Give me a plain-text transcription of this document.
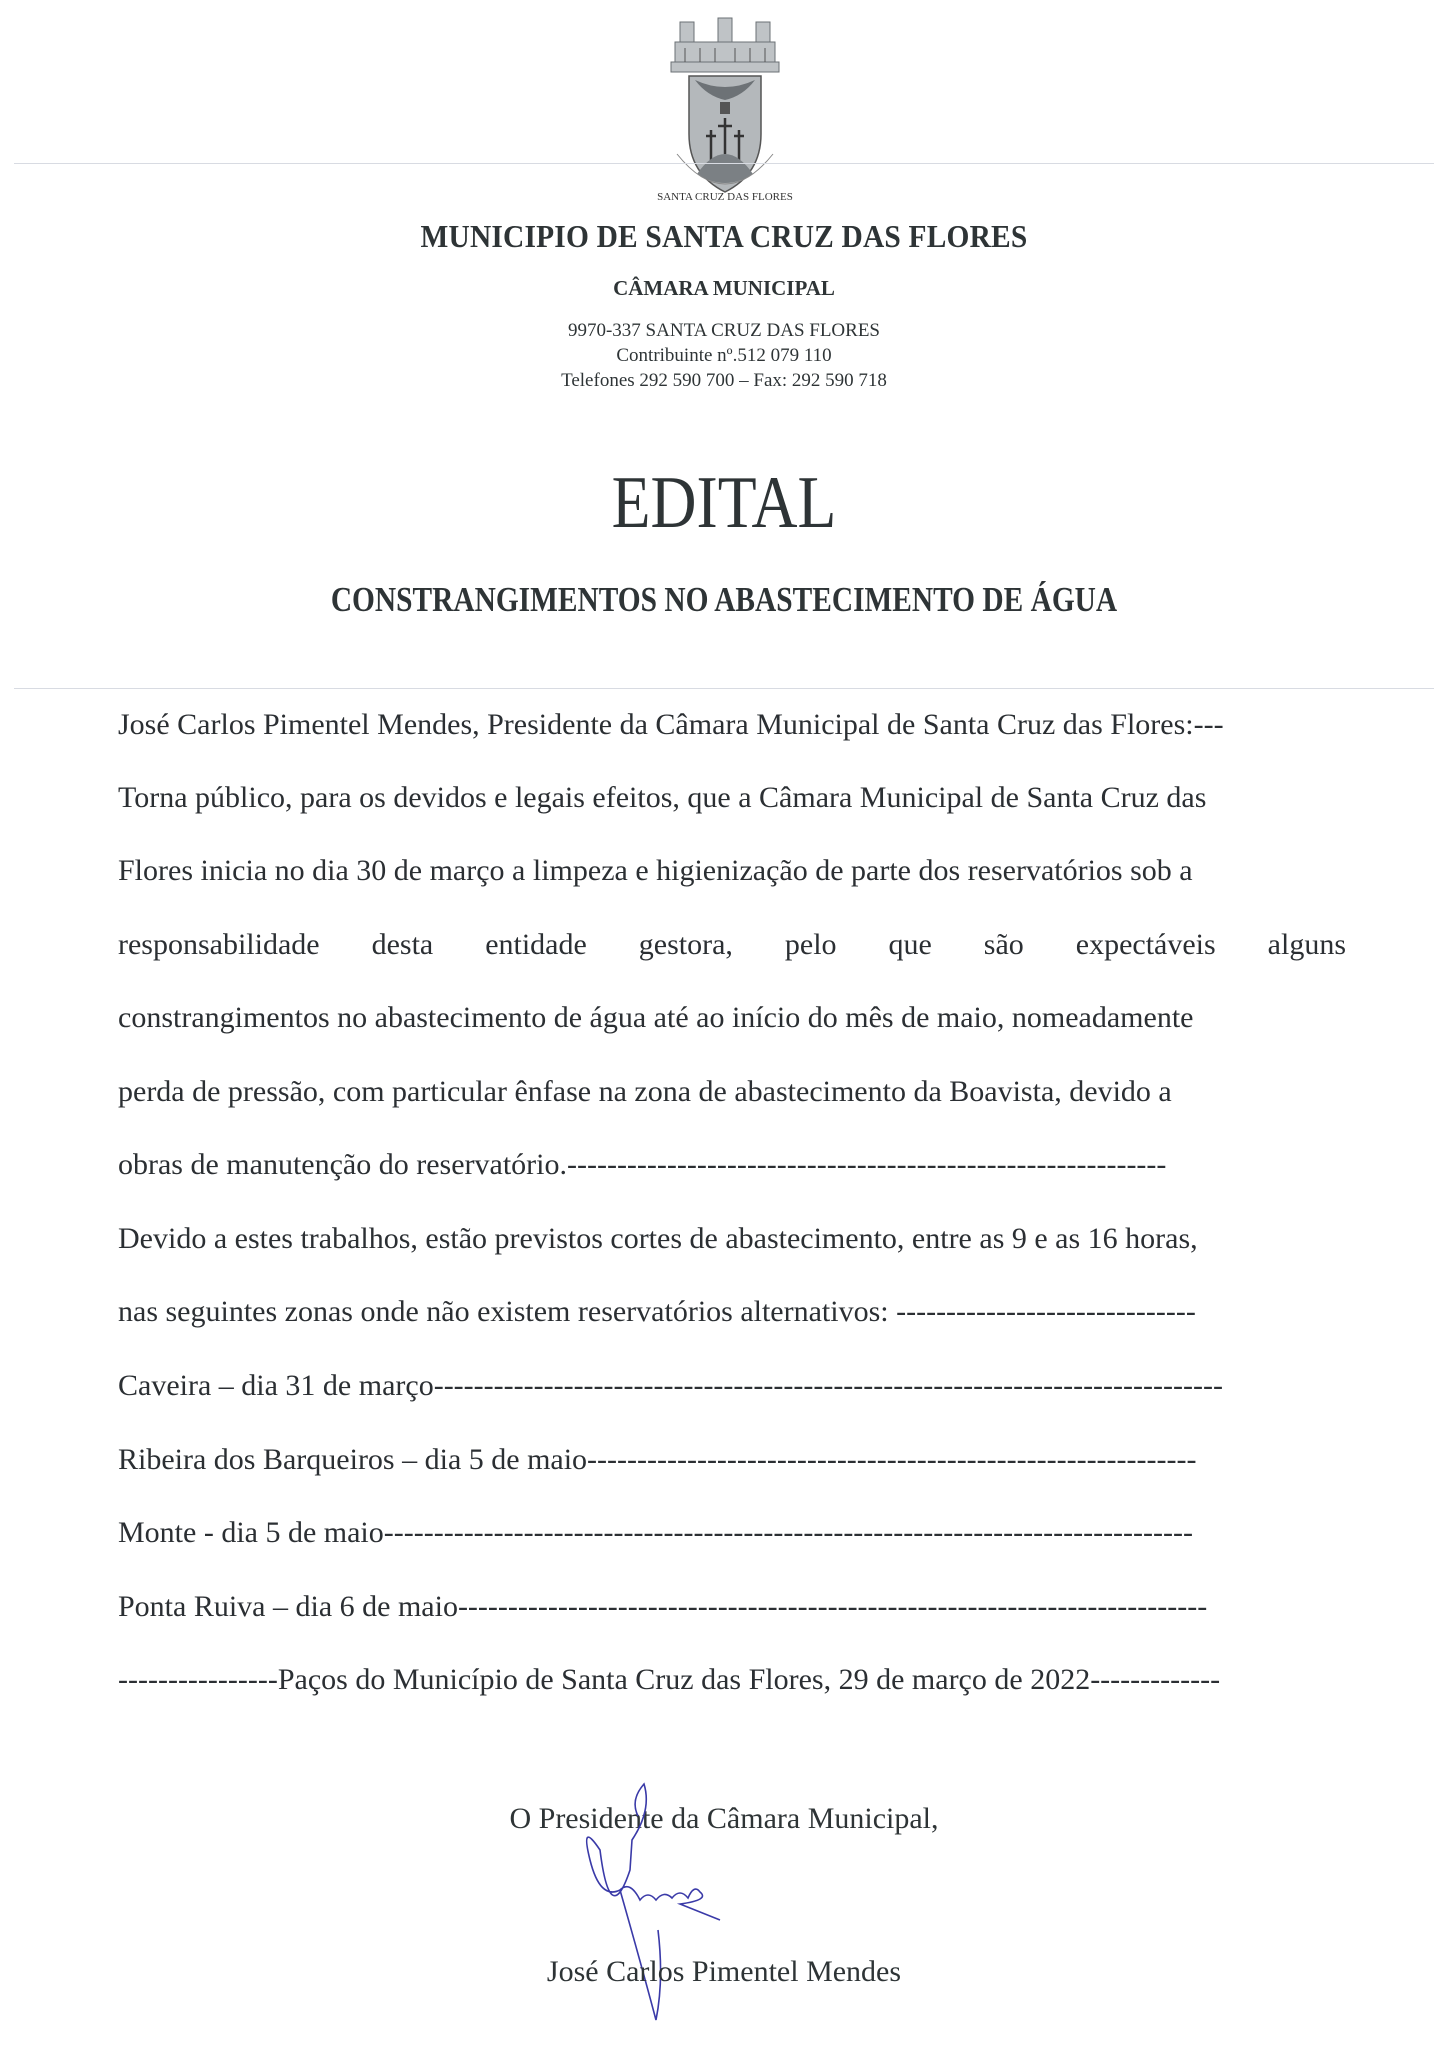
SANTA CRUZ DAS FLORES
MUNICIPIO DE SANTA CRUZ DAS FLORES
CÂMARA MUNICIPAL
9970-337 SANTA CRUZ DAS FLORES
Contribuinte nº.512 079 110
Telefones 292 590 700 – Fax: 292 590 718
EDITAL
CONSTRANGIMENTOS NO ABASTECIMENTO DE ÁGUA
José Carlos Pimentel Mendes, Presidente da Câmara Municipal de Santa Cruz das Flores:---
Torna público, para os devidos e legais efeitos, que a Câmara Municipal de Santa Cruz das
Flores inicia no dia 30 de março a limpeza e higienização de parte dos reservatórios sob a
responsabilidade desta entidade gestora, pelo que são expectáveis alguns
constrangimentos no abastecimento de água até ao início do mês de maio, nomeadamente
perda de pressão, com particular ênfase na zona de abastecimento da Boavista, devido a
obras de manutenção do reservatório.------------------------------------------------------------
Devido a estes trabalhos, estão previstos cortes de abastecimento, entre as 9 e as 16 horas,
nas seguintes zonas onde não existem reservatórios alternativos: ------------------------------
Caveira – dia 31 de março-------------------------------------------------------------------------------
Ribeira dos Barqueiros – dia 5 de maio-------------------------------------------------------------
Monte - dia 5 de maio---------------------------------------------------------------------------------
Ponta Ruiva – dia 6 de maio---------------------------------------------------------------------------
----------------Paços do Município de Santa Cruz das Flores, 29 de março de 2022-------------
O Presidente da Câmara Municipal,
José Carlos Pimentel Mendes
